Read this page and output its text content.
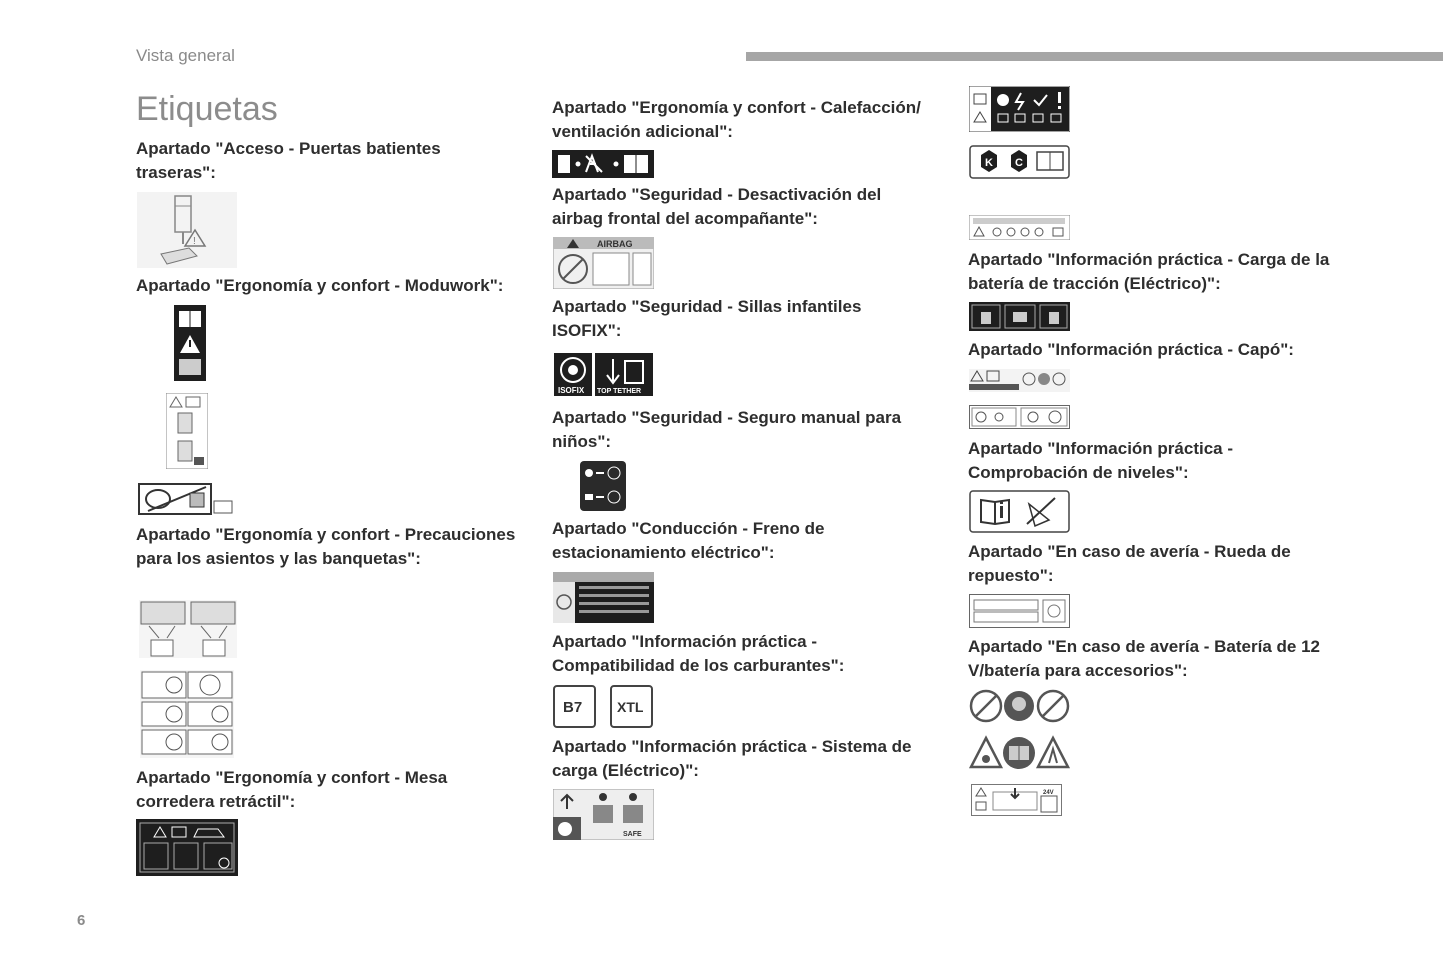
Vista general
Etiquetas
Apartado "Acceso - Puertas batientes traseras":
!
Apartado "Ergonomía y confort - Moduwork":
Apartado "Ergonomía y confort - Precauciones para los asientos y las banquetas":
Apartado "Ergonomía y confort - Mesa corredera retráctil":
Apartado "Ergonomía y confort - Calefacción/ ventilación adicional":
Apartado "Seguridad - Desactivación del airbag frontal del acompañante":
AIRBAG
Apartado "Seguridad - Sillas infantiles ISOFIX":
ISOFIX TOP TETHER
Apartado "Seguridad - Seguro manual para niños":
Apartado "Conducción - Freno de estacionamiento eléctrico":
Apartado "Información práctica - Compatibilidad de los carburantes":
B7 XTL
Apartado "Información práctica - Sistema de carga (Eléctrico)":
SAFE
K C
Apartado "Información práctica - Carga de la batería de tracción (Eléctrico)":
Apartado "Información práctica - Capó":
Apartado "Información práctica - Comprobación de niveles":
Apartado "En caso de avería - Rueda de repuesto":
Apartado "En caso de avería - Batería de 12 V/batería para accesorios":
24V
6
